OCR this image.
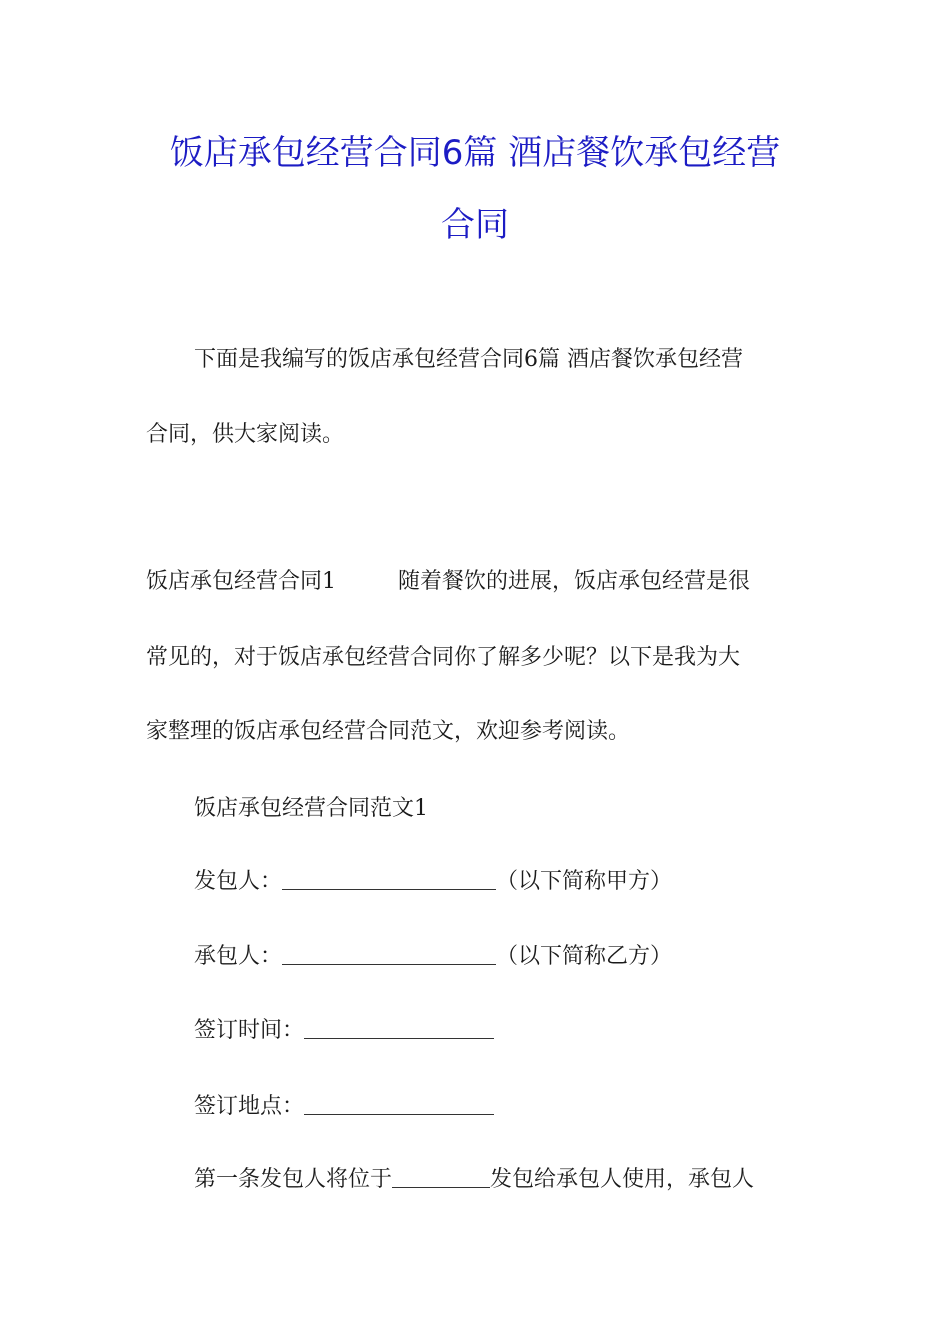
饭店承包经营合同6篇 酒店餐饮承包经营
合同
下面是我编写的饭店承包经营合同6篇 酒店餐饮承包经营
合同，供大家阅读。
饭店承包经营合同1	随着餐饮的进展，饭店承包经营是很
常见的，对于饭店承包经营合同你了解多少呢？以下是我为大
家整理的饭店承包经营合同范文，欢迎参考阅读。
饭店承包经营合同范文1
发包人：	（以下简称甲方）
承包人：	（以下简称乙方）
签订时间：
签订地点：
第一条发包人将位于	发包给承包人使用，承包人
